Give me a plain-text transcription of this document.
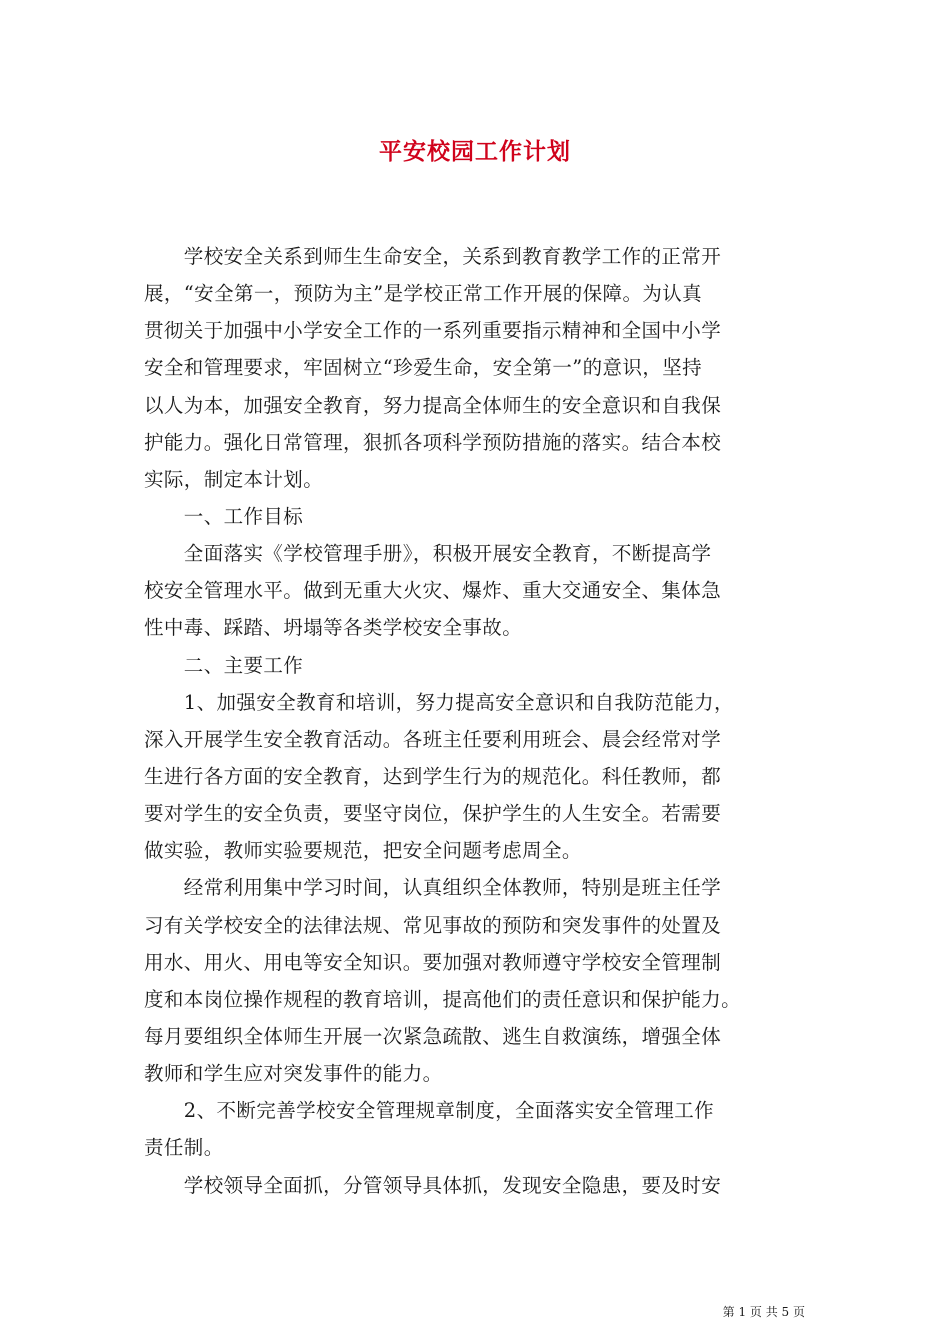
平安校园工作计划
　　学校安全关系到师生生命安全，关系到教育教学工作的正常开
展，“安全第一，预防为主”是学校正常工作开展的保障。为认真
贯彻关于加强中小学安全工作的一系列重要指示精神和全国中小学
安全和管理要求，牢固树立“珍爱生命，安全第一”的意识，坚持
以人为本，加强安全教育，努力提高全体师生的安全意识和自我保
护能力。强化日常管理，狠抓各项科学预防措施的落实。结合本校
实际，制定本计划。
　　一、工作目标
　　全面落实《学校管理手册》，积极开展安全教育，不断提高学
校安全管理水平。做到无重大火灾、爆炸、重大交通安全、集体急
性中毒、踩踏、坍塌等各类学校安全事故。
　　二、主要工作
　　1、加强安全教育和培训，努力提高安全意识和自我防范能力，
深入开展学生安全教育活动。各班主任要利用班会、晨会经常对学
生进行各方面的安全教育，达到学生行为的规范化。科任教师，都
要对学生的安全负责，要坚守岗位，保护学生的人生安全。若需要
做实验，教师实验要规范，把安全问题考虑周全。
　　经常利用集中学习时间，认真组织全体教师，特别是班主任学
习有关学校安全的法律法规、常见事故的预防和突发事件的处置及
用水、用火、用电等安全知识。要加强对教师遵守学校安全管理制
度和本岗位操作规程的教育培训，提高他们的责任意识和保护能力。
每月要组织全体师生开展一次紧急疏散、逃生自救演练，增强全体
教师和学生应对突发事件的能力。
　　2、不断完善学校安全管理规章制度，全面落实安全管理工作
责任制。
　　学校领导全面抓，分管领导具体抓，发现安全隐患，要及时安
第 1 页 共 5 页
